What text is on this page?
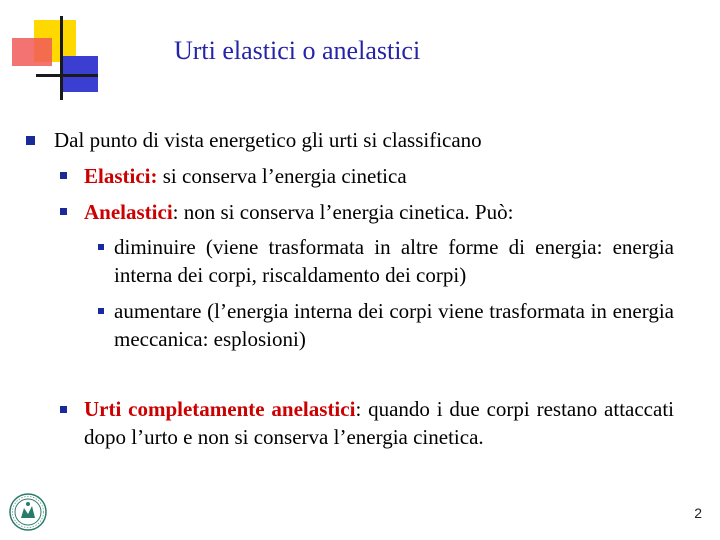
Urti elastici o anelastici
Dal punto di vista energetico gli urti si classificano
Elastici: si conserva l’energia cinetica
Anelastici: non si conserva l’energia cinetica. Può:
diminuire (viene trasformata in altre forme di energia: energia interna dei corpi, riscaldamento dei corpi)
aumentare (l’energia interna dei corpi viene trasformata in energia meccanica: esplosioni)
Urti completamente anelastici: quando i due corpi restano attaccati dopo l’urto e non si conserva l’energia cinetica.
2
